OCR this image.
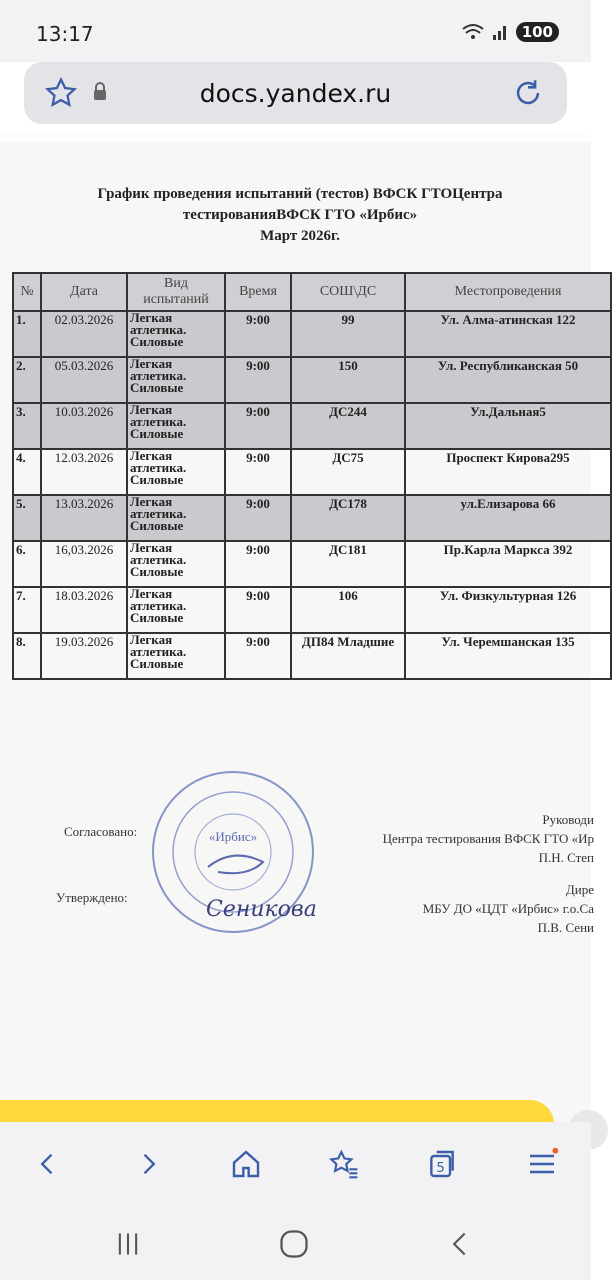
13:17	100
docs.yandex.ru
График проведения испытаний (тестов) ВФСК ГТОЦентра
тестированияВФСК ГТО «Ирбис»
Март 2026г.
№	Дата	Вид испытаний	Время	СОШ\ДС	Местопроведения
1.	02.03.2026	Легкая атлетика. Силовые	9:00	99	Ул. Алма-атинская 122
2.	05.03.2026	Легкая атлетика. Силовые	9:00	150	Ул. Республиканская 50
3.	10.03.2026	Легкая атлетика. Силовые	9:00	ДС244	Ул.Дальная5
4.	12.03.2026	Легкая атлетика. Силовые	9:00	ДС75	Проспект Кирова295
5.	13.03.2026	Легкая атлетика. Силовые	9:00	ДС178	ул.Елизарова 66
6.	16,03.2026	Легкая атлетика. Силовые	9:00	ДС181	Пр.Карла Маркса 392
7.	18.03.2026	Легкая атлетика. Силовые	9:00	106	Ул. Физкультурная 126
8.	19.03.2026	Легкая атлетика. Силовые	9:00	ДП84 Младшие	Ул. Черемшанская 135
Согласовано:
Утверждено:
Руководи
Центра тестирования ВФСК ГТО «Ир
П.Н. Степ
Дире
МБУ ДО «ЦДТ «Ирбис» г.о.Са
П.В. Сени
«Ирбис»
Сеникова
5
